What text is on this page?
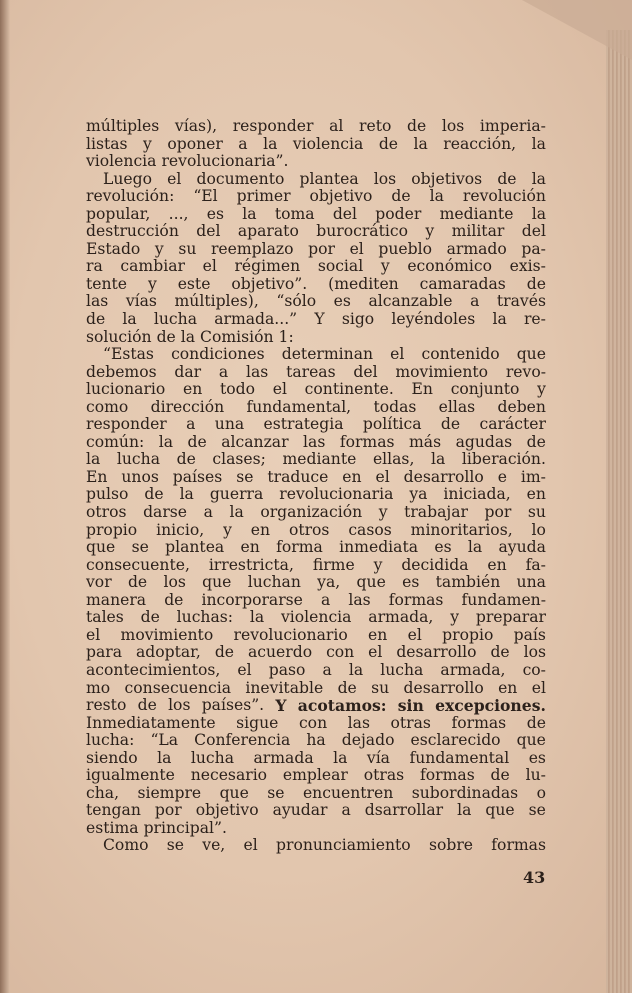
múltiples vías), responder al reto de los imperia-
listas y oponer a la violencia de la reacción, la
violencia revolucionaria”.
Luego el documento plantea los objetivos de la
revolución: “El primer objetivo de la revolución
popular, ..., es la toma del poder mediante la
destrucción del aparato burocrático y militar del
Estado y su reemplazo por el pueblo armado pa-
ra cambiar el régimen social y económico exis-
tente y este objetivo”. (mediten camaradas de
las vías múltiples), “sólo es alcanzable a través
de la lucha armada...” Y sigo leyéndoles la re-
solución de la Comisión 1:
“Estas condiciones determinan el contenido que
debemos dar a las tareas del movimiento revo-
lucionario en todo el continente. En conjunto y
como dirección fundamental, todas ellas deben
responder a una estrategia política de carácter
común: la de alcanzar las formas más agudas de
la lucha de clases; mediante ellas, la liberación.
En unos países se traduce en el desarrollo e im-
pulso de la guerra revolucionaria ya iniciada, en
otros darse a la organización y trabajar por su
propio inicio, y en otros casos minoritarios, lo
que se plantea en forma inmediata es la ayuda
consecuente, irrestricta, firme y decidida en fa-
vor de los que luchan ya, que es también una
manera de incorporarse a las formas fundamen-
tales de luchas: la violencia armada, y preparar
el movimiento revolucionario en el propio país
para adoptar, de acuerdo con el desarrollo de los
acontecimientos, el paso a la lucha armada, co-
mo consecuencia inevitable de su desarrollo en el
resto de los países”. Y acotamos: sin excepciones.
Inmediatamente sigue con las otras formas de
lucha: “La Conferencia ha dejado esclarecido que
siendo la lucha armada la vía fundamental es
igualmente necesario emplear otras formas de lu-
cha, siempre que se encuentren subordinadas o
tengan por objetivo ayudar a dsarrollar la que se
estima principal”.
Como se ve, el pronunciamiento sobre formas
43
